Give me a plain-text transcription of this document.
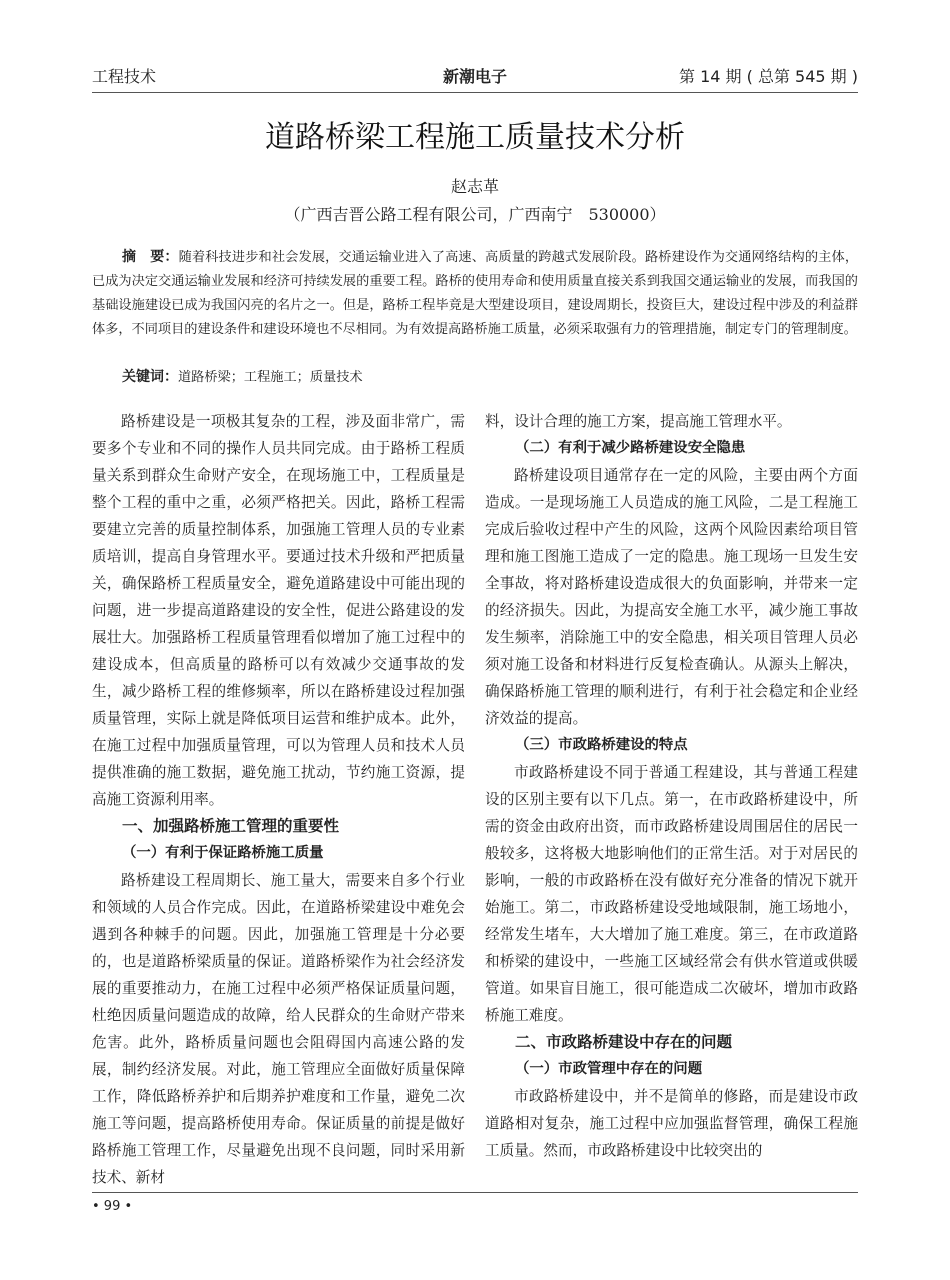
工程技术	新潮电子	第 14 期 ( 总第 545 期 )
道路桥梁工程施工质量技术分析
赵志革
（广西吉晋公路工程有限公司，广西南宁　530000）

摘　要：随着科技进步和社会发展，交通运输业进入了高速、高质量的跨越式发展阶段。路桥建设作为交通网络结构的主体，已成为决定交通运输业发展和经济可持续发展的重要工程。路桥的使用寿命和使用质量直接关系到我国交通运输业的发展，而我国的基础设施建设已成为我国闪亮的名片之一。但是，路桥工程毕竟是大型建设项目，建设周期长，投资巨大，建设过程中涉及的利益群体多，不同项目的建设条件和建设环境也不尽相同。为有效提高路桥施工质量，必须采取强有力的管理措施，制定专门的管理制度。

关键词：道路桥梁；工程施工；质量技术

路桥建设是一项极其复杂的工程，涉及面非常广，需要多个专业和不同的操作人员共同完成。由于路桥工程质量关系到群众生命财产安全，在现场施工中，工程质量是整个工程的重中之重，必须严格把关。因此，路桥工程需要建立完善的质量控制体系，加强施工管理人员的专业素质培训，提高自身管理水平。要通过技术升级和严把质量关，确保路桥工程质量安全，避免道路建设中可能出现的问题，进一步提高道路建设的安全性，促进公路建设的发展壮大。加强路桥工程质量管理看似增加了施工过程中的建设成本，但高质量的路桥可以有效减少交通事故的发生，减少路桥工程的维修频率，所以在路桥建设过程加强质量管理，实际上就是降低项目运营和维护成本。此外，在施工过程中加强质量管理，可以为管理人员和技术人员提供准确的施工数据，避免施工扰动，节约施工资源，提高施工资源利用率。

一、加强路桥施工管理的重要性
（一）有利于保证路桥施工质量

路桥建设工程周期长、施工量大，需要来自多个行业和领域的人员合作完成。因此，在道路桥梁建设中难免会遇到各种棘手的问题。因此，加强施工管理是十分必要的，也是道路桥梁质量的保证。道路桥梁作为社会经济发展的重要推动力，在施工过程中必须严格保证质量问题，杜绝因质量问题造成的故障，给人民群众的生命财产带来危害。此外，路桥质量问题也会阻碍国内高速公路的发展，制约经济发展。对此，施工管理应全面做好质量保障工作，降低路桥养护和后期养护难度和工作量，避免二次施工等问题，提高路桥使用寿命。保证质量的前提是做好路桥施工管理工作，尽量避免出现不良问题，同时采用新技术、新材

料，设计合理的施工方案，提高施工管理水平。

（二）有利于减少路桥建设安全隐患

路桥建设项目通常存在一定的风险，主要由两个方面造成。一是现场施工人员造成的施工风险，二是工程施工完成后验收过程中产生的风险，这两个风险因素给项目管理和施工图施工造成了一定的隐患。施工现场一旦发生安全事故，将对路桥建设造成很大的负面影响，并带来一定的经济损失。因此，为提高安全施工水平，减少施工事故发生频率，消除施工中的安全隐患，相关项目管理人员必须对施工设备和材料进行反复检查确认。从源头上解决，确保路桥施工管理的顺利进行，有利于社会稳定和企业经济效益的提高。

（三）市政路桥建设的特点

市政路桥建设不同于普通工程建设，其与普通工程建设的区别主要有以下几点。第一，在市政路桥建设中，所需的资金由政府出资，而市政路桥建设周围居住的居民一般较多，这将极大地影响他们的正常生活。对于对居民的影响，一般的市政路桥在没有做好充分准备的情况下就开始施工。第二，市政路桥建设受地域限制，施工场地小，经常发生堵车，大大增加了施工难度。第三，在市政道路和桥梁的建设中，一些施工区域经常会有供水管道或供暖管道。如果盲目施工，很可能造成二次破坏，增加市政路桥施工难度。

二、市政路桥建设中存在的问题
（一）市政管理中存在的问题

市政路桥建设中，并不是简单的修路，而是建设市政道路相对复杂，施工过程中应加强监督管理，确保工程施工质量。然而，市政路桥建设中比较突出的

• 99 •
